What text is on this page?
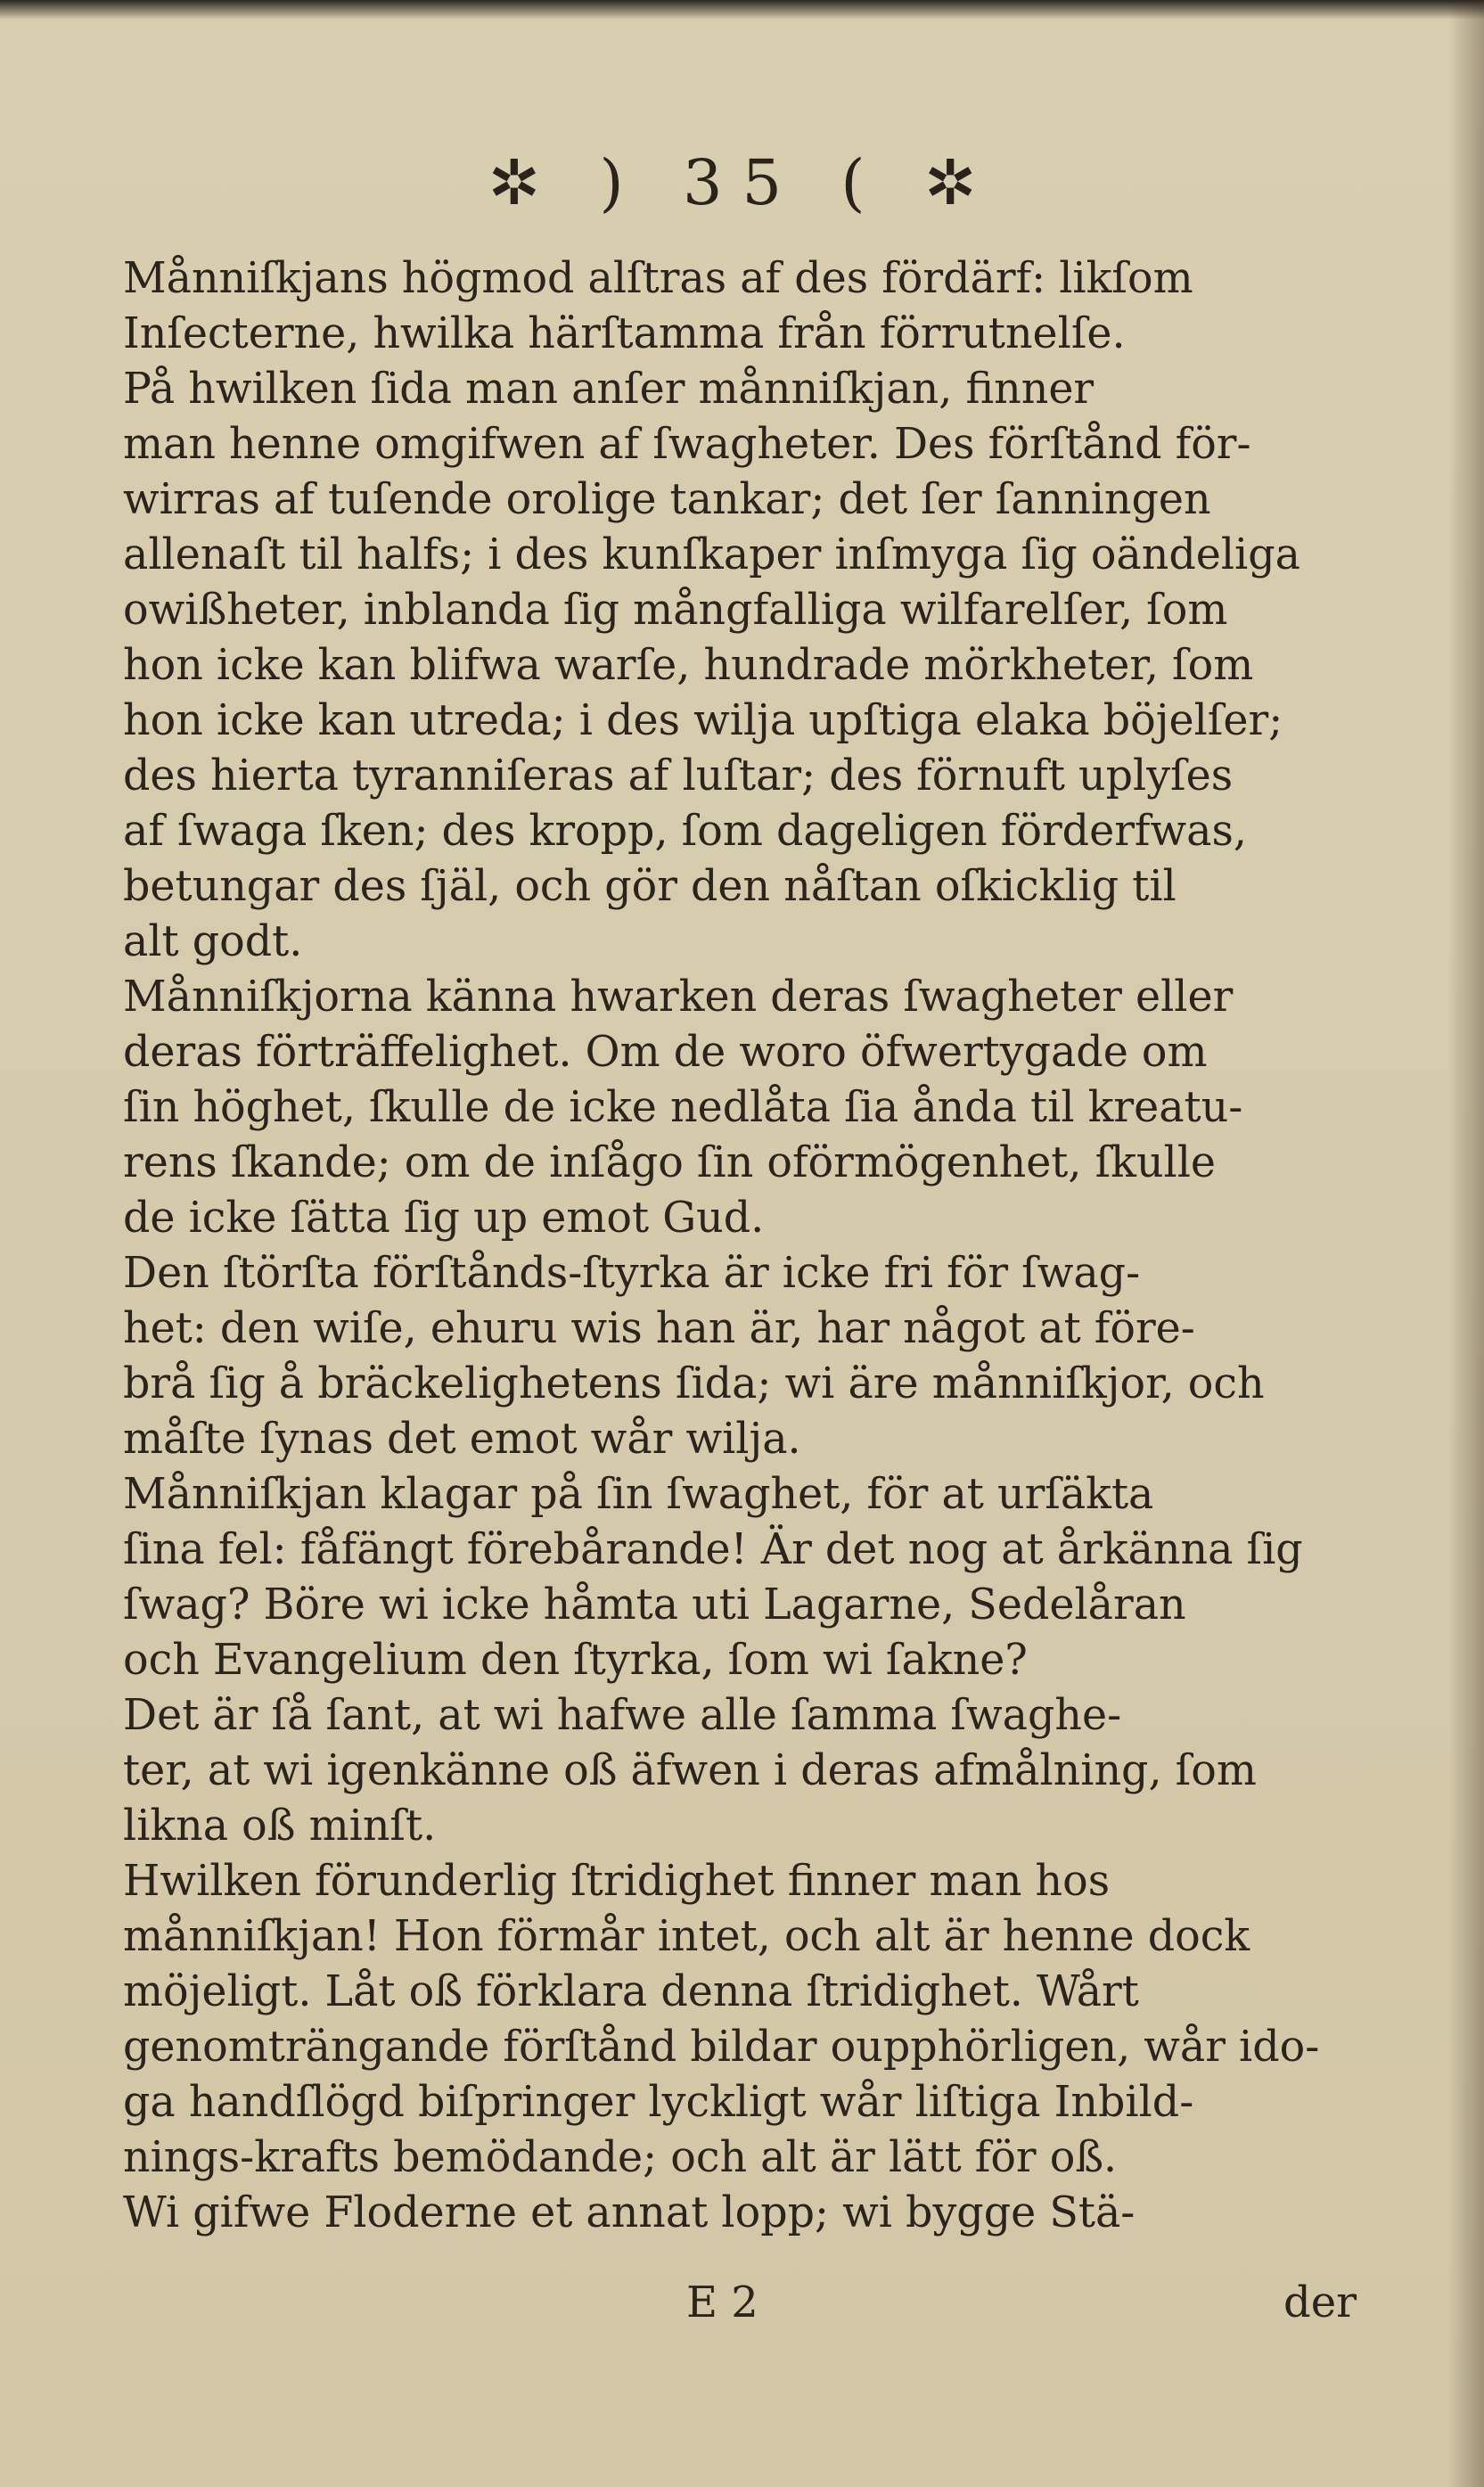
✲ ) 35 ( ✲
Månniſkjans högmod alſtras af des fördärf: likſom
Inſecterne, hwilka härſtamma från förrutnelſe.
På hwilken ſida man anſer månniſkjan, finner
man henne omgifwen af ſwagheter. Des förſtånd för-
wirras af tuſende orolige tankar; det ſer ſanningen
allenaſt til halfs; i des kunſkaper inſmyga ſig oändeliga
owißheter, inblanda ſig mångfalliga wilfarelſer, ſom
hon icke kan blifwa warſe, hundrade mörkheter, ſom
hon icke kan utreda; i des wilja upſtiga elaka böjelſer;
des hierta tyranniſeras af luſtar; des förnuft uplyſes
af ſwaga ſken; des kropp, ſom dageligen förderfwas,
betungar des ſjäl, och gör den nåſtan oſkicklig til
alt godt.
Månniſkjorna känna hwarken deras ſwagheter eller
deras förträffelighet. Om de woro öfwertygade om
ſin höghet, ſkulle de icke nedlåta ſia ånda til kreatu-
rens ſkande; om de inſågo ſin oförmögenhet, ſkulle
de icke ſätta ſig up emot Gud.
Den ſtörſta förſtånds-ſtyrka är icke fri för ſwag-
het: den wiſe, ehuru wis han är, har något at före-
brå ſig å bräckelighetens ſida; wi äre månniſkjor, och
måſte ſynas det emot wår wilja.
Månniſkjan klagar på ſin ſwaghet, för at urſäkta
ſina fel: fåfängt förebårande! Är det nog at årkänna ſig
ſwag? Böre wi icke håmta uti Lagarne, Sedelåran
och Evangelium den ſtyrka, ſom wi ſakne?
Det är ſå ſant, at wi hafwe alle ſamma ſwaghe-
ter, at wi igenkänne oß äfwen i deras afmålning, ſom
likna oß minſt.
Hwilken förunderlig ſtridighet finner man hos
månniſkjan! Hon förmår intet, och alt är henne dock
möjeligt. Låt oß förklara denna ſtridighet. Wårt
genomträngande förſtånd bildar oupphörligen, wår ido-
ga handſlögd biſpringer lyckligt wår liſtiga Inbild-
nings-krafts bemödande; och alt är lätt för oß.
Wi gifwe Floderne et annat lopp; wi bygge Stä-
E 2	der
